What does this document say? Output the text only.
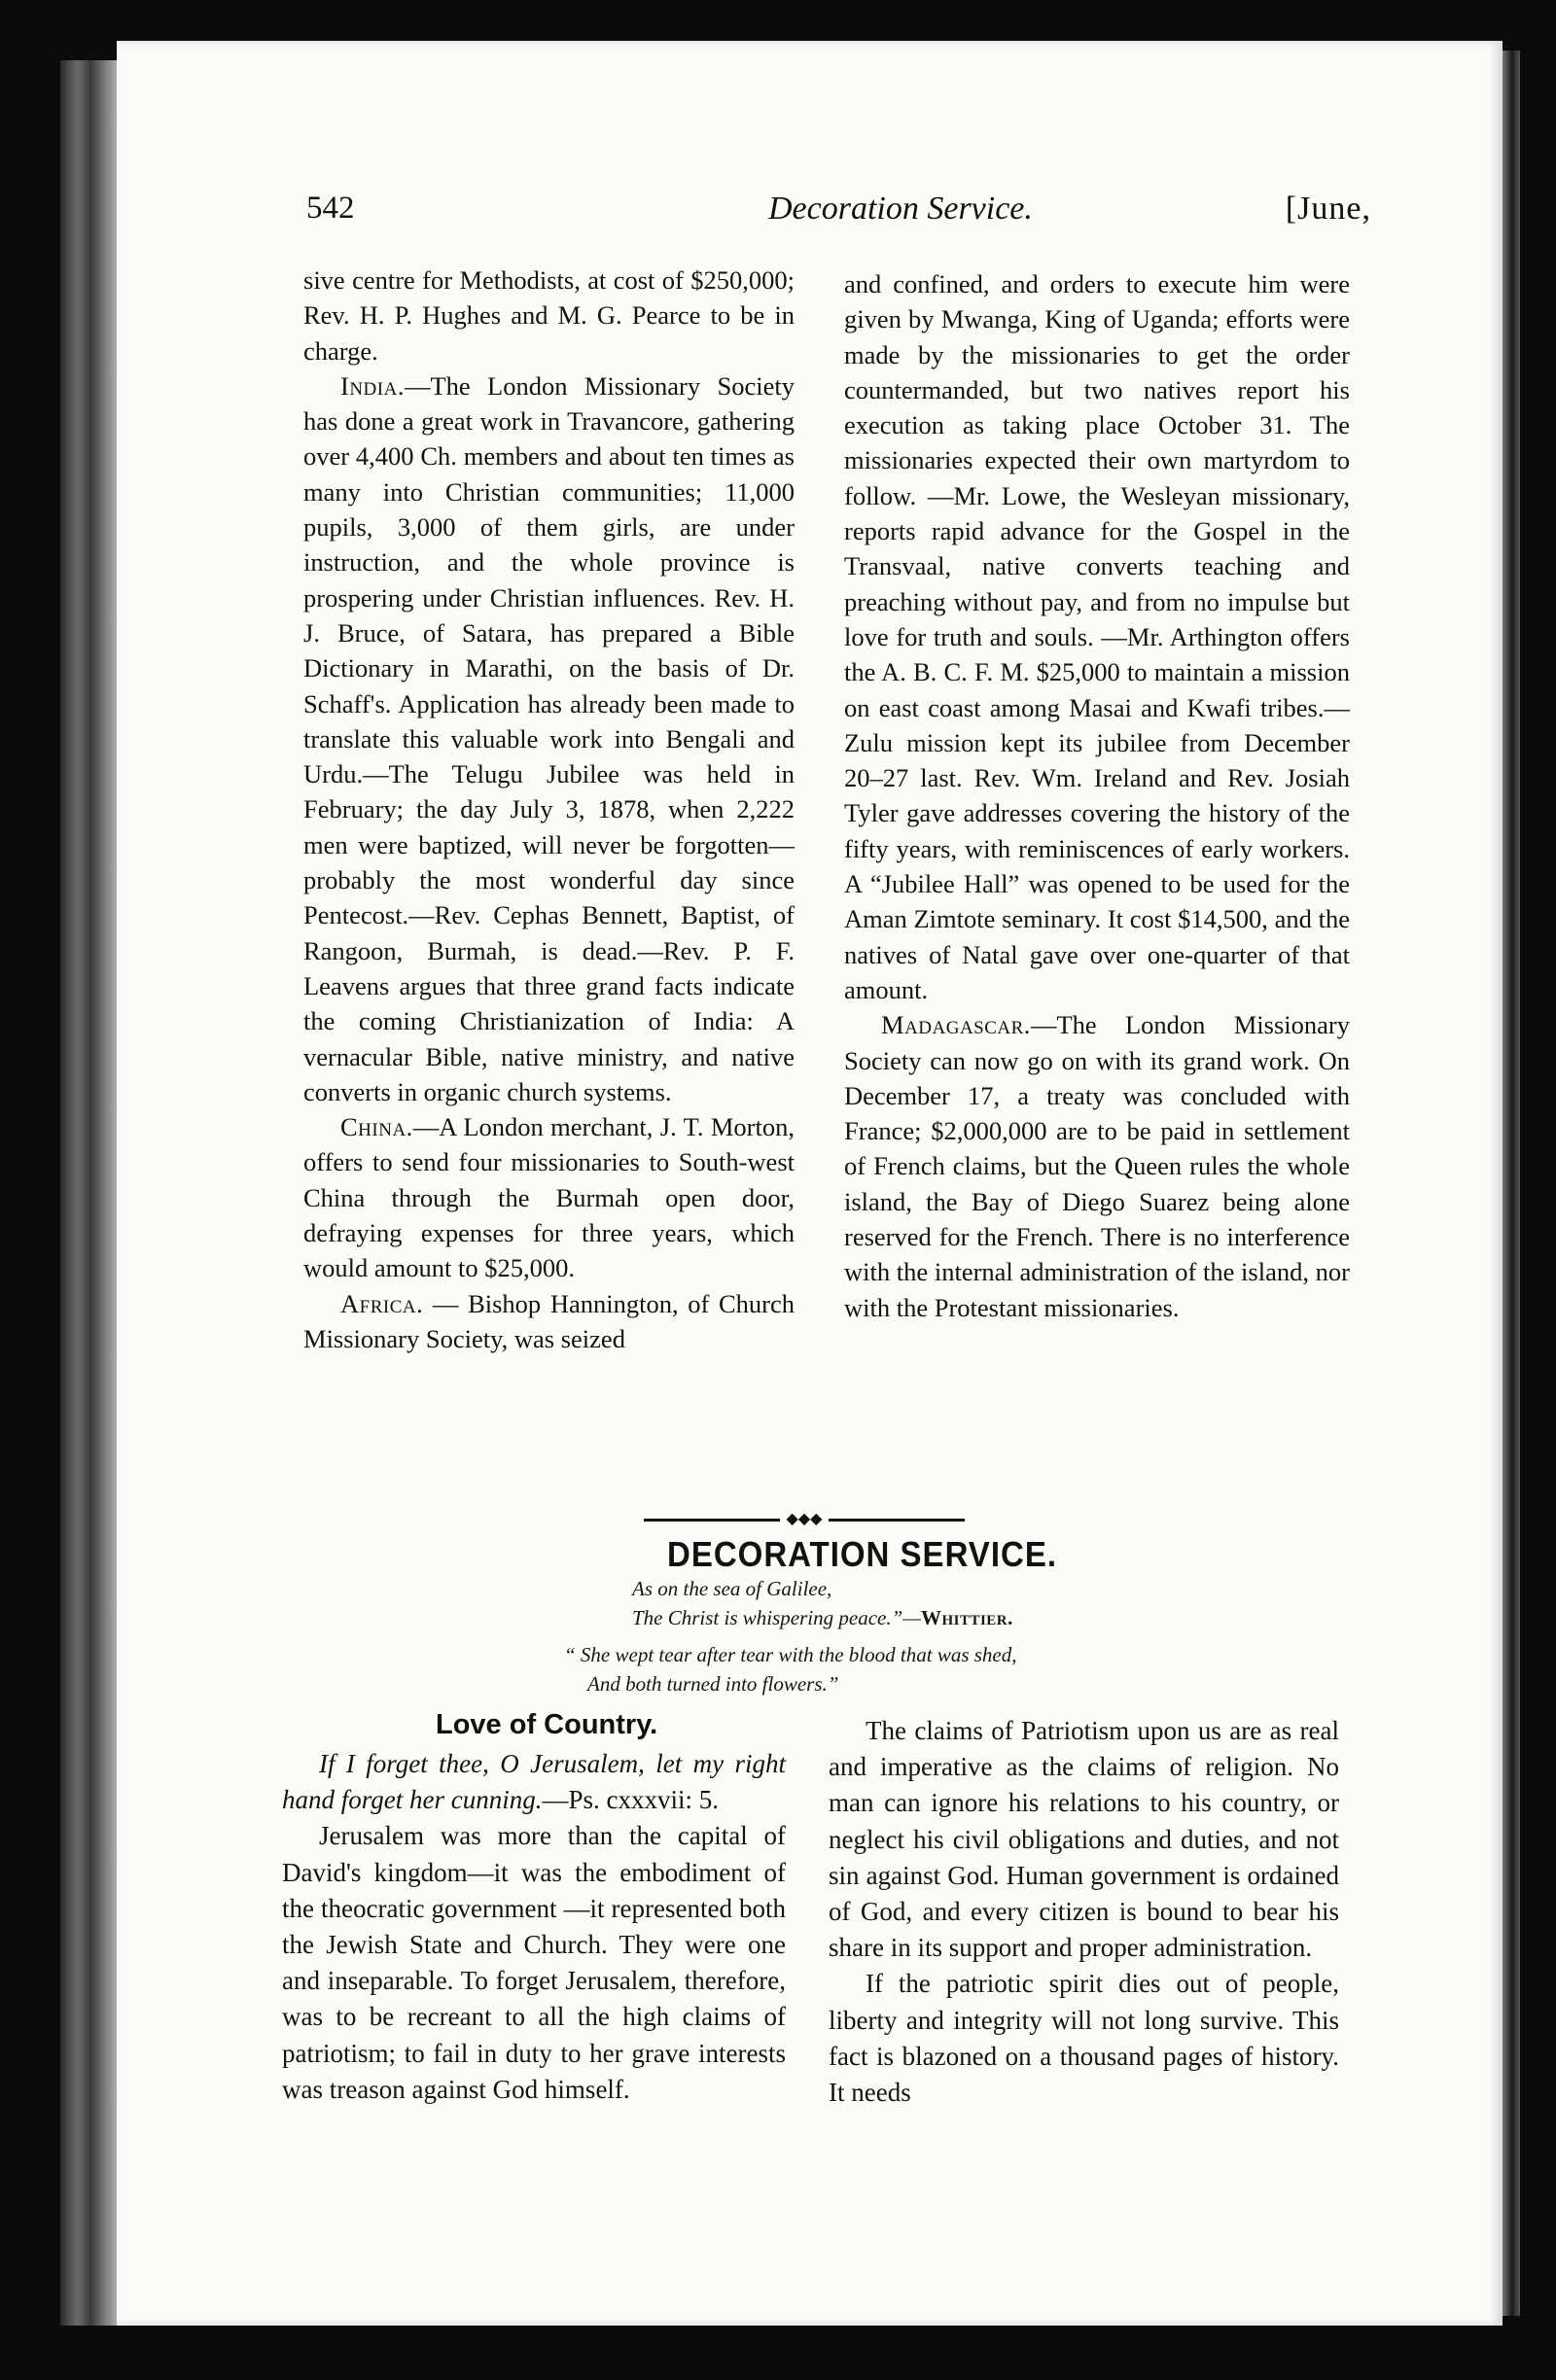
542	Decoration Service.	[June,

sive centre for Methodists, at cost of $250,000; Rev. H. P. Hughes and M. G. Pearce to be in charge.

India.—The London Missionary Society has done a great work in Travancore, gathering over 4,400 Ch. members and about ten times as many into Christian communities; 11,000 pupils, 3,000 of them girls, are under instruction, and the whole province is prospering under Christian influences. Rev. H. J. Bruce, of Satara, has prepared a Bible Dictionary in Marathi, on the basis of Dr. Schaff's. Application has already been made to translate this valuable work into Bengali and Urdu.—The Telugu Jubilee was held in February; the day July 3, 1878, when 2,222 men were baptized, will never be forgotten—probably the most wonderful day since Pentecost.—Rev. Cephas Bennett, Baptist, of Rangoon, Burmah, is dead.—Rev. P. F. Leavens argues that three grand facts indicate the coming Christianization of India: A vernacular Bible, native ministry, and native converts in organic church systems.

China.—A London merchant, J. T. Morton, offers to send four missionaries to South-west China through the Burmah open door, defraying expenses for three years, which would amount to $25,000.

Africa. — Bishop Hannington, of Church Missionary Society, was seized

and confined, and orders to execute him were given by Mwanga, King of Uganda; efforts were made by the missionaries to get the order countermanded, but two natives report his execution as taking place October 31. The missionaries expected their own martyrdom to follow. —Mr. Lowe, the Wesleyan missionary, reports rapid advance for the Gospel in the Transvaal, native converts teaching and preaching without pay, and from no impulse but love for truth and souls. —Mr. Arthington offers the A. B. C. F. M. $25,000 to maintain a mission on east coast among Masai and Kwafi tribes.— Zulu mission kept its jubilee from December 20–27 last. Rev. Wm. Ireland and Rev. Josiah Tyler gave addresses covering the history of the fifty years, with reminiscences of early workers. A “Jubilee Hall” was opened to be used for the Aman Zimtote seminary. It cost $14,500, and the natives of Natal gave over one-quarter of that amount.

Madagascar.—The London Missionary Society can now go on with its grand work. On December 17, a treaty was concluded with France; $2,000,000 are to be paid in settlement of French claims, but the Queen rules the whole island, the Bay of Diego Suarez being alone reserved for the French. There is no interference with the internal administration of the island, nor with the Protestant missionaries.

◆◆◆
DECORATION SERVICE.
As on the sea of Galilee,
The Christ is whispering peace.”—Whittier.
“ She wept tear after tear with the blood that was shed,
And both turned into flowers.”
Love of Country.

If I forget thee, O Jerusalem, let my right hand forget her cunning.—Ps. cxxxvii: 5.

Jerusalem was more than the capital of David's kingdom—it was the embodiment of the theocratic government —it represented both the Jewish State and Church. They were one and inseparable. To forget Jerusalem, therefore, was to be recreant to all the high claims of patriotism; to fail in duty to her grave interests was treason against God himself.

The claims of Patriotism upon us are as real and imperative as the claims of religion. No man can ignore his relations to his country, or neglect his civil obligations and duties, and not sin against God. Human government is ordained of God, and every citizen is bound to bear his share in its support and proper administration.

If the patriotic spirit dies out of people, liberty and integrity will not long survive. This fact is blazoned on a thousand pages of history. It needs
